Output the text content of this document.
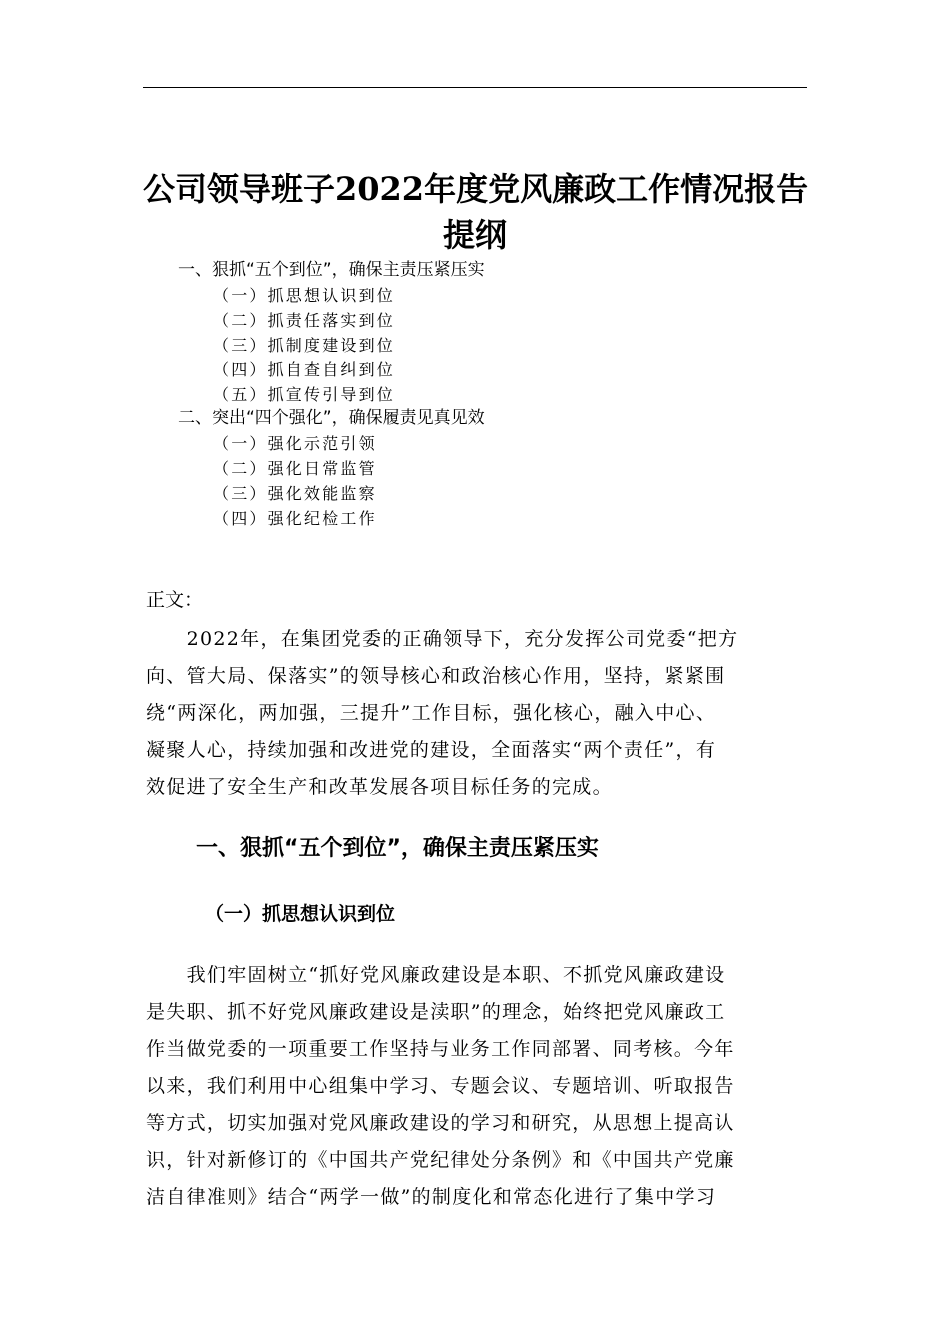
公司领导班子2022年度党风廉政工作情况报告
提纲
一、狠抓“五个到位”，确保主责压紧压实
（一）抓思想认识到位
（二）抓责任落实到位
（三）抓制度建设到位
（四）抓自查自纠到位
（五）抓宣传引导到位
二、突出“四个强化”，确保履责见真见效
（一）强化示范引领
（二）强化日常监管
（三）强化效能监察
（四）强化纪检工作
正文：
　　2022年，在集团党委的正确领导下，充分发挥公司党委“把方
向、管大局、保落实”的领导核心和政治核心作用，坚持，紧紧围
绕“两深化，两加强，三提升”工作目标，强化核心，融入中心、
凝聚人心，持续加强和改进党的建设，全面落实“两个责任”，有
效促进了安全生产和改革发展各项目标任务的完成。
一、狠抓“五个到位”，确保主责压紧压实
（一）抓思想认识到位
　　我们牢固树立“抓好党风廉政建设是本职、不抓党风廉政建设
是失职、抓不好党风廉政建设是渎职”的理念，始终把党风廉政工
作当做党委的一项重要工作坚持与业务工作同部署、同考核。今年
以来，我们利用中心组集中学习、专题会议、专题培训、听取报告
等方式，切实加强对党风廉政建设的学习和研究，从思想上提高认
识，针对新修订的《中国共产党纪律处分条例》和《中国共产党廉
洁自律准则》结合“两学一做”的制度化和常态化进行了集中学习
